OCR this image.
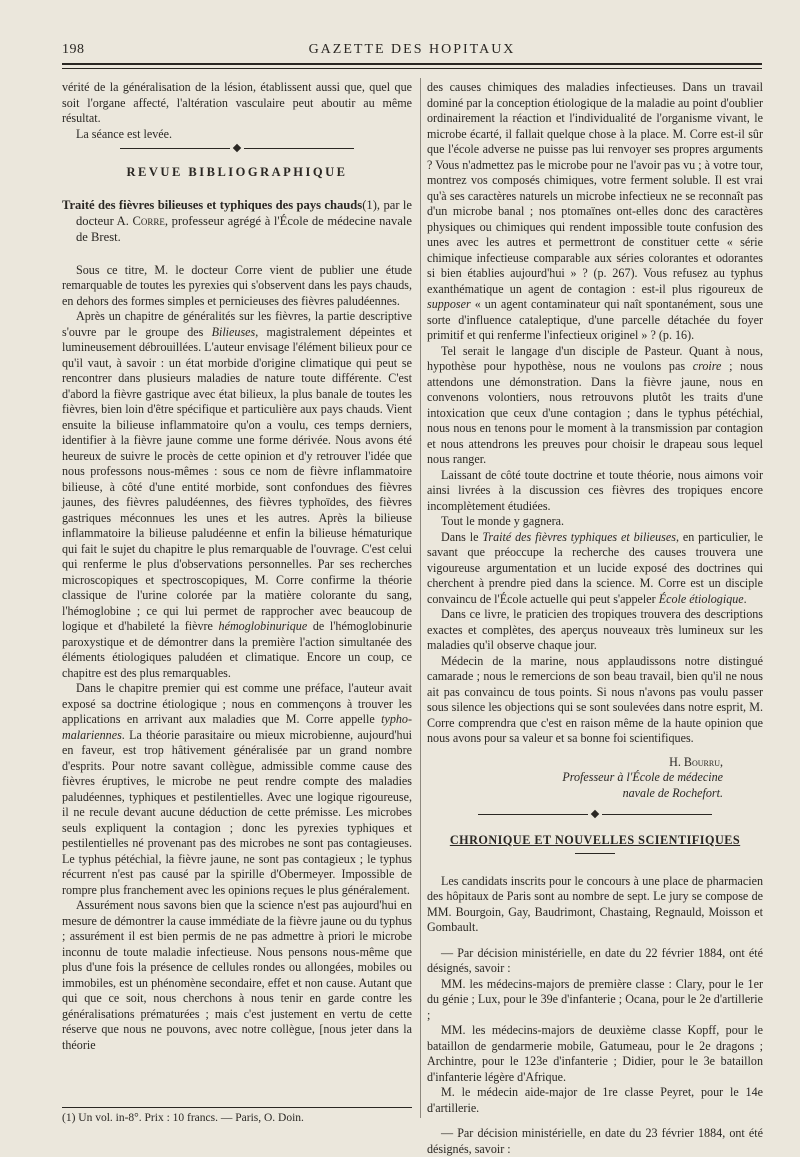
198	GAZETTE DES HOPITAUX

vérité de la généralisation de la lésion, établissent aussi que, quel que soit l'organe affecté, l'altération vasculaire peut aboutir au même résultat.

La séance est levée.

REVUE BIBLIOGRAPHIQUE

Traité des fièvres bilieuses et typhiques des pays chauds(1), par le docteur A. Corre, professeur agrégé à l'École de médecine navale de Brest.

Sous ce titre, M. le docteur Corre vient de publier une étude remarquable de toutes les pyrexies qui s'observent dans les pays chauds, en dehors des formes simples et pernicieuses des fièvres paludéennes.

Après un chapitre de généralités sur les fièvres, la partie descriptive s'ouvre par le groupe des Bilieuses, magistralement dépeintes et lumineusement débrouillées. L'auteur envisage l'élément bilieux pour ce qu'il vaut, à savoir : un état morbide d'origine climatique qui peut se rencontrer dans plusieurs maladies de nature toute différente. C'est d'abord la fièvre gastrique avec état bilieux, la plus banale de toutes les fièvres, bien loin d'être spécifique et particulière aux pays chauds. Vient ensuite la bilieuse inflammatoire qu'on a voulu, ces temps derniers, identifier à la fièvre jaune comme une forme dérivée. Nous avons été heureux de suivre le procès de cette opinion et d'y retrouver l'idée que nous professons nous-mêmes : sous ce nom de fièvre inflammatoire bilieuse, à côté d'une entité morbide, sont confondues des fièvres jaunes, des fièvres paludéennes, des fièvres typhoïdes, des fièvres gastriques méconnues les unes et les autres. Après la bilieuse inflammatoire la bilieuse paludéenne et enfin la bilieuse hématurique qui fait le sujet du chapitre le plus remarquable de l'ouvrage. C'est celui qui renferme le plus d'observations personnelles. Par ses recherches microscopiques et spectroscopiques, M. Corre confirme la théorie classique de l'urine colorée par la matière colorante du sang, l'hémoglobine ; ce qui lui permet de rapprocher avec beaucoup de logique et d'habileté la fièvre hémoglobinurique de l'hémoglobinurie paroxystique et de démontrer dans la première l'action simultanée des éléments étiologiques paludéen et climatique. Encore un coup, ce chapitre est des plus remarquables.

Dans le chapitre premier qui est comme une préface, l'auteur avait exposé sa doctrine étiologique ; nous en commençons à trouver les applications en arrivant aux maladies que M. Corre appelle typho-malariennes. La théorie parasitaire ou mieux microbienne, aujourd'hui en faveur, est trop hâtivement généralisée par un grand nombre d'esprits. Pour notre savant collègue, admissible comme cause des fièvres éruptives, le microbe ne peut rendre compte des maladies paludéennes, typhiques et pestilentielles. Avec une logique rigoureuse, il ne recule devant aucune déduction de cette prémisse. Les microbes seuls expliquent la contagion ; donc les pyrexies typhiques et pestilentielles né provenant pas des microbes ne sont pas contagieuses. Le typhus pétéchial, la fièvre jaune, ne sont pas contagieux ; le typhus récurrent n'est pas causé par la spirille d'Obermeyer. Impossible de rompre plus franchement avec les opinions reçues le plus généralement.

Assurément nous savons bien que la science n'est pas aujourd'hui en mesure de démontrer la cause immédiate de la fièvre jaune ou du typhus ; assurément il est bien permis de ne pas admettre à priori le microbe inconnu de toute maladie infectieuse. Nous pensons nous-même que plus d'une fois la présence de cellules rondes ou allongées, mobiles ou immobiles, est un phénomène secondaire, effet et non cause. Autant que qui que ce soit, nous cherchons à nous tenir en garde contre les généralisations prématurées ; mais c'est justement en vertu de cette réserve que nous ne pouvons, avec notre collègue, [nous jeter dans la théorie

(1) Un vol. in-8°. Prix : 10 francs. — Paris, O. Doin.

des causes chimiques des maladies infectieuses. Dans un travail dominé par la conception étiologique de la maladie au point d'oublier ordinairement la réaction et l'individualité de l'organisme vivant, le microbe écarté, il fallait quelque chose à la place. M. Corre est-il sûr que l'école adverse ne puisse pas lui renvoyer ses propres arguments ? Vous n'admettez pas le microbe pour ne l'avoir pas vu ; à votre tour, montrez vos composés chimiques, votre ferment soluble. Il est vrai qu'à ses caractères naturels un microbe infectieux ne se reconnaît pas d'un microbe banal ; nos ptomaïnes ont-elles donc des caractères physiques ou chimiques qui rendent impossible toute confusion des unes avec les autres et permettront de constituer cette « série chimique infectieuse comparable aux séries colorantes et odorantes si bien établies aujourd'hui » ? (p. 267). Vous refusez au typhus exanthématique un agent de contagion : est-il plus rigoureux de supposer « un agent contaminateur qui naît spontanément, sous une sorte d'influence cataleptique, d'une parcelle détachée du foyer primitif et qui renferme l'infectieux originel » ? (p. 16).

Tel serait le langage d'un disciple de Pasteur. Quant à nous, hypothèse pour hypothèse, nous ne voulons pas croire ; nous attendons une démonstration. Dans la fièvre jaune, nous en convenons volontiers, nous retrouvons plutôt les traits d'une intoxication que ceux d'une contagion ; dans le typhus pétéchial, nous nous en tenons pour le moment à la transmission par contagion et nous attendrons les preuves pour choisir le drapeau sous lequel nous ranger.

Laissant de côté toute doctrine et toute théorie, nous aimons voir ainsi livrées à la discussion ces fièvres des tropiques encore incomplètement étudiées.

Tout le monde y gagnera.

Dans le Traité des fièvres typhiques et bilieuses, en particulier, le savant que préoccupe la recherche des causes trouvera une vigoureuse argumentation et un lucide exposé des doctrines qui cherchent à prendre pied dans la science. M. Corre est un disciple convaincu de l'École actuelle qui peut s'appeler École étiologique.

Dans ce livre, le praticien des tropiques trouvera des descriptions exactes et complètes, des aperçus nouveaux très lumineux sur les maladies qu'il observe chaque jour.

Médecin de la marine, nous applaudissons notre distingué camarade ; nous le remercions de son beau travail, bien qu'il ne nous ait pas convaincu de tous points. Si nous n'avons pas voulu passer sous silence les objections qui se sont soulevées dans notre esprit, M. Corre comprendra que c'est en raison même de la haute opinion que nous avons pour sa valeur et sa bonne foi scientifiques.

H. Bourru,
Professeur à l'École de médecine
navale de Rochefort.
CHRONIQUE ET NOUVELLES SCIENTIFIQUES

Les candidats inscrits pour le concours à une place de pharmacien des hôpitaux de Paris sont au nombre de sept. Le jury se compose de MM. Bourgoin, Gay, Baudrimont, Chastaing, Regnauld, Moisson et Gombault.

— Par décision ministérielle, en date du 22 février 1884, ont été désignés, savoir :

MM. les médecins-majors de première classe : Clary, pour le 1er du génie ; Lux, pour le 39e d'infanterie ; Ocana, pour le 2e d'artillerie ;

MM. les médecins-majors de deuxième classe Kopff, pour le bataillon de gendarmerie mobile, Gatumeau, pour le 2e dragons ; Archintre, pour le 123e d'infanterie ; Didier, pour le 3e bataillon d'infanterie légère d'Afrique.

M. le médecin aide-major de 1re classe Peyret, pour le 14e d'artillerie.

— Par décision ministérielle, en date du 23 février 1884, ont été désignés, savoir :
